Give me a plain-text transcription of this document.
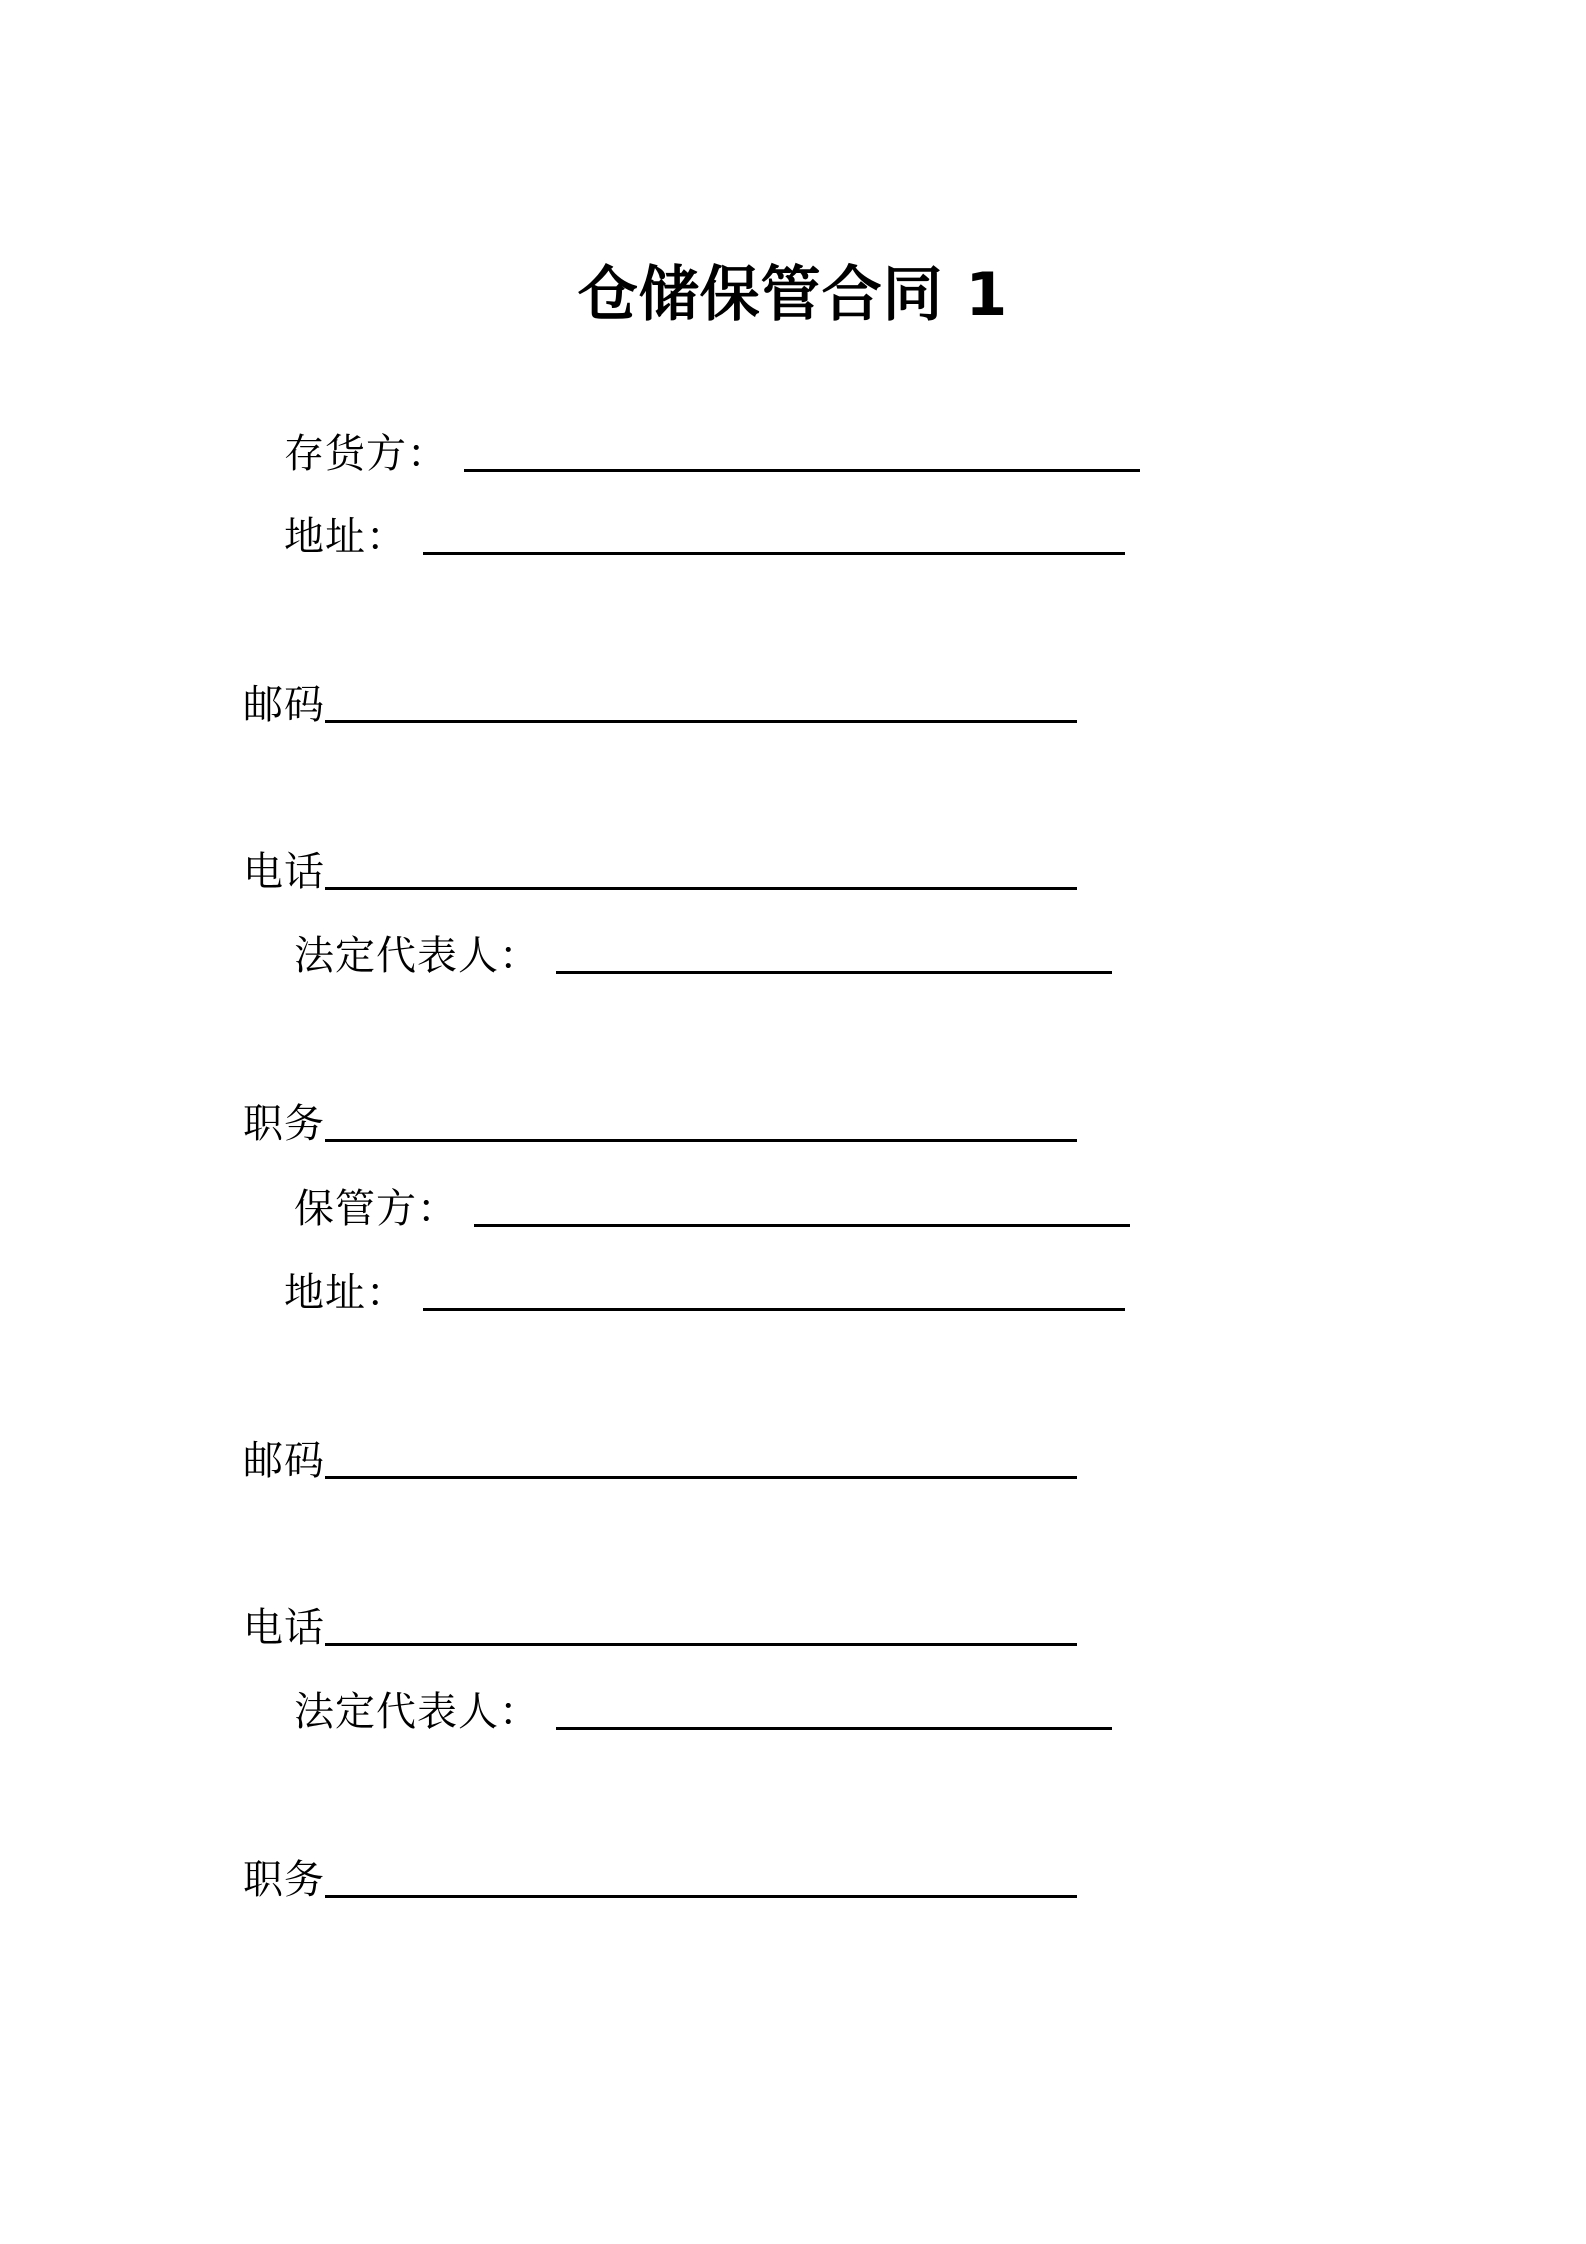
仓储保管合同 1
存货方：
地址：
邮码
电话
法定代表人：
职务
保管方：
地址：
邮码
电话
法定代表人：
职务
